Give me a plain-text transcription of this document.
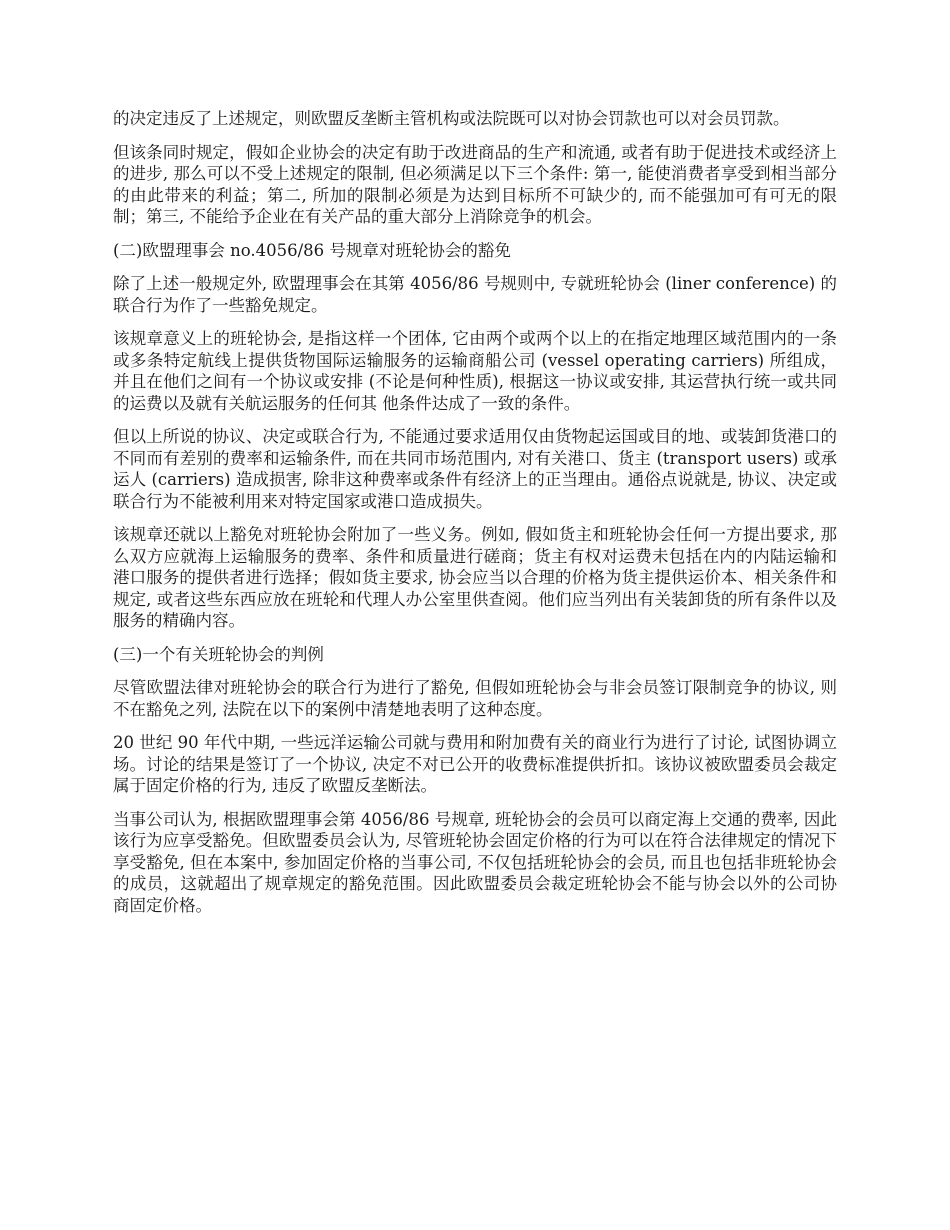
的决定违反了上述规定，则欧盟反垄断主管机构或法院既可以对协会罚款也可以对会员罚款。

但该条同时规定，假如企业协会的决定有助于改进商品的生产和流通, 或者有助于促进技术或经济上的进步, 那么可以不受上述规定的限制, 但必须满足以下三个条件: 第一, 能使消费者享受到相当部分的由此带来的利益；第二, 所加的限制必须是为达到目标所不可缺少的, 而不能强加可有可无的限制；第三, 不能给予企业在有关产品的重大部分上消除竞争的机会。

(二)欧盟理事会 no.4056/86 号规章对班轮协会的豁免

除了上述一般规定外, 欧盟理事会在其第 4056/86 号规则中, 专就班轮协会 (liner conference) 的联合行为作了一些豁免规定。

该规章意义上的班轮协会, 是指这样一个团体, 它由两个或两个以上的在指定地理区域范围内的一条或多条特定航线上提供货物国际运输服务的运输商船公司 (vessel operating carriers) 所组成，并且在他们之间有一个协议或安排 (不论是何种性质), 根据这一协议或安排, 其运营执行统一或共同的运费以及就有关航运服务的任何其 他条件达成了一致的条件。

但以上所说的协议、决定或联合行为, 不能通过要求适用仅由货物起运国或目的地、或装卸货港口的不同而有差别的费率和运输条件, 而在共同市场范围内, 对有关港口、货主 (transport users) 或承运人 (carriers) 造成损害, 除非这种费率或条件有经济上的正当理由。通俗点说就是, 协议、决定或联合行为不能被利用来对特定国家或港口造成损失。

该规章还就以上豁免对班轮协会附加了一些义务。例如, 假如货主和班轮协会任何一方提出要求, 那么双方应就海上运输服务的费率、条件和质量进行磋商；货主有权对运费未包括在内的内陆运输和港口服务的提供者进行选择；假如货主要求, 协会应当以合理的价格为货主提供运价本、相关条件和规定, 或者这些东西应放在班轮和代理人办公室里供查阅。他们应当列出有关装卸货的所有条件以及服务的精确内容。

(三)一个有关班轮协会的判例

尽管欧盟法律对班轮协会的联合行为进行了豁免, 但假如班轮协会与非会员签订限制竞争的协议, 则不在豁免之列, 法院在以下的案例中清楚地表明了这种态度。

20 世纪 90 年代中期, 一些远洋运输公司就与费用和附加费有关的商业行为进行了讨论, 试图协调立场。讨论的结果是签订了一个协议, 决定不对已公开的收费标准提供折扣。该协议被欧盟委员会裁定属于固定价格的行为, 违反了欧盟反垄断法。

当事公司认为, 根据欧盟理事会第 4056/86 号规章, 班轮协会的会员可以商定海上交通的费率, 因此该行为应享受豁免。但欧盟委员会认为, 尽管班轮协会固定价格的行为可以在符合法律规定的情况下享受豁免, 但在本案中, 参加固定价格的当事公司, 不仅包括班轮协会的会员, 而且也包括非班轮协会的成员，这就超出了规章规定的豁免范围。因此欧盟委员会裁定班轮协会不能与协会以外的公司协商固定价格。
